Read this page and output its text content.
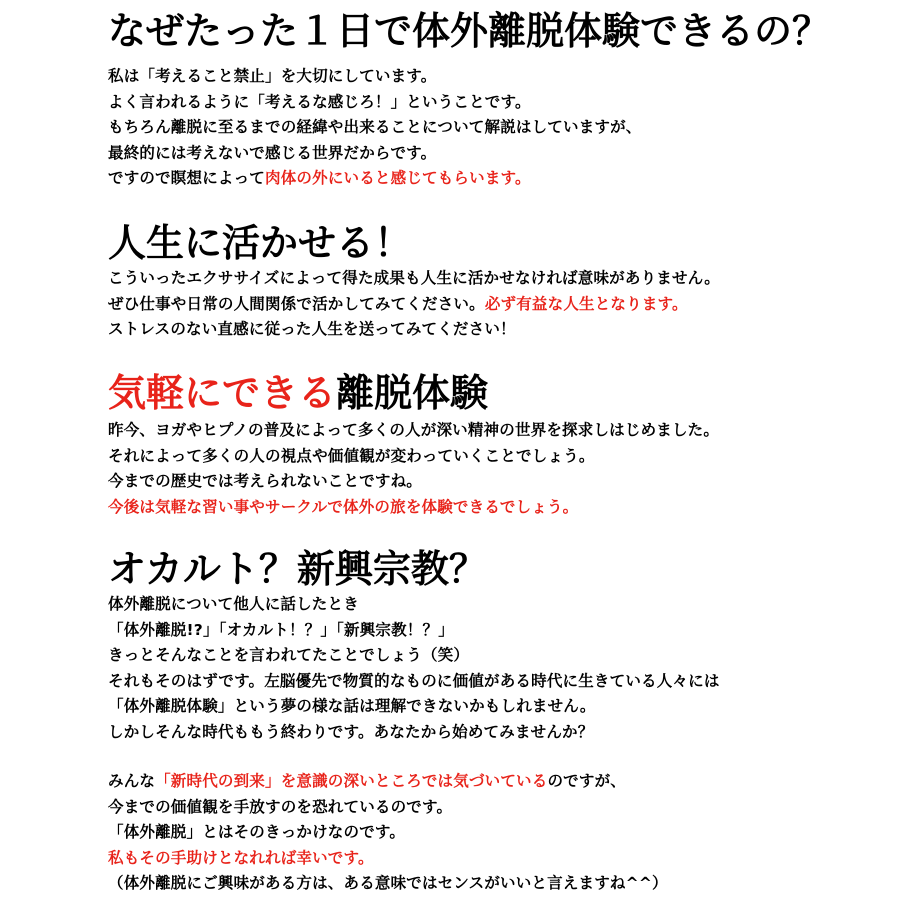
なぜたった１日で体外離脱体験できるの？

私は「考えること禁止」を大切にしています。

よく言われるように「考えるな感じろ！」ということです。

もちろん離脱に至るまでの経緯や出来ることについて解説はしていますが、

最終的には考えないで感じる世界だからです。

ですので瞑想によって肉体の外にいると感じてもらいます。

人生に活かせる！

こういったエクササイズによって得た成果も人生に活かせなければ意味がありません。

ぜひ仕事や日常の人間関係で活かしてみてください。必ず有益な人生となります。

ストレスのない直感に従った人生を送ってみてください！

気軽にできる離脱体験

昨今、ヨガやヒプノの普及によって多くの人が深い精神の世界を探求しはじめました。

それによって多くの人の視点や価値観が変わっていくことでしょう。

今までの歴史では考えられないことですね。

今後は気軽な習い事やサークルで体外の旅を体験できるでしょう。

オカルト？新興宗教？

体外離脱について他人に話したとき

「体外離脱!?」「オカルト！？」「新興宗教！？」

きっとそんなことを言われてたことでしょう（笑）

それもそのはずです。左脳優先で物質的なものに価値がある時代に生きている人々には

「体外離脱体験」という夢の様な話は理解できないかもしれません。

しかしそんな時代ももう終わりです。あなたから始めてみませんか？

みんな「新時代の到来」を意識の深いところでは気づいているのですが、

今までの価値観を手放すのを恐れているのです。

「体外離脱」とはそのきっかけなのです。

私もその手助けとなれれば幸いです。

（体外離脱にご興味がある方は、ある意味ではセンスがいいと言えますね^^）
